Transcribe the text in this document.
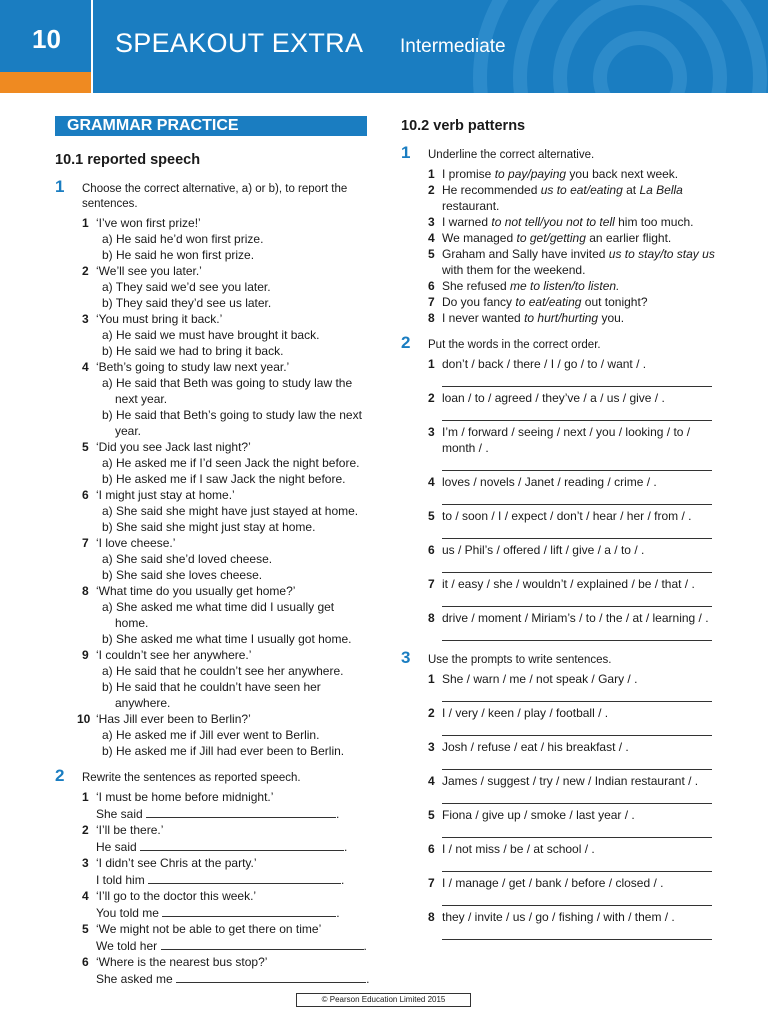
10	SPEAKOUT EXTRA Intermediate
GRAMMAR PRACTICE
10.1 reported speech
1 Choose the correct alternative, a) or b), to report the sentences.
1 ‘I’ve won first prize!’
a) He said he’d won first prize.
b) He said he won first prize.
2 ‘We’ll see you later.’
a) They said we’d see you later.
b) They said they’d see us later.
3 ‘You must bring it back.’
a) He said we must have brought it back.
b) He said we had to bring it back.
4 ‘Beth’s going to study law next year.’
a) He said that Beth was going to study law the next year.
b) He said that Beth’s going to study law the next year.
5 ‘Did you see Jack last night?’
a) He asked me if I’d seen Jack the night before.
b) He asked me if I saw Jack the night before.
6 ‘I might just stay at home.’
a) She said she might have just stayed at home.
b) She said she might just stay at home.
7 ‘I love cheese.’
a) She said she’d loved cheese.
b) She said she loves cheese.
8 ‘What time do you usually get home?’
a) She asked me what time did I usually get home.
b) She asked me what time I usually got home.
9 ‘I couldn’t see her anywhere.’
a) He said that he couldn’t see her anywhere.
b) He said that he couldn’t have seen her anywhere.
10 ‘Has Jill ever been to Berlin?’
a) He asked me if Jill ever went to Berlin.
b) He asked me if Jill had ever been to Berlin.
2 Rewrite the sentences as reported speech.
1 ‘I must be home before midnight.’
She said	.
2 ‘I’ll be there.’
He said	.
3 ‘I didn’t see Chris at the party.’
I told him	.
4 ‘I’ll go to the doctor this week.’
You told me	.
5 ‘We might not be able to get there on time’
We told her	.
6 ‘Where is the nearest bus stop?’
She asked me	.
10.2 verb patterns
1 Underline the correct alternative.
1 I promise to pay/paying you back next week.
2 He recommended us to eat/eating at La Bella restaurant.
3 I warned to not tell/you not to tell him too much.
4 We managed to get/getting an earlier flight.
5 Graham and Sally have invited us to stay/to stay us with them for the weekend.
6 She refused me to listen/to listen.
7 Do you fancy to eat/eating out tonight?
8 I never wanted to hurt/hurting you.
2 Put the words in the correct order.
1 don’t / back / there / I / go / to / want / .
2 loan / to / agreed / they’ve / a / us / give / .
3 I’m / forward / seeing / next / you / looking / to / month / .
4 loves / novels / Janet / reading / crime / .
5 to / soon / I / expect / don’t / hear / her / from / .
6 us / Phil’s / offered / lift / give / a / to / .
7 it / easy / she / wouldn’t / explained / be / that / .
8 drive / moment / Miriam’s / to / the / at / learning / .
3 Use the prompts to write sentences.
1 She / warn / me / not speak / Gary / .
2 I / very / keen / play / football / .
3 Josh / refuse / eat / his breakfast / .
4 James / suggest / try / new / Indian restaurant / .
5 Fiona / give up / smoke / last year / .
6 I / not miss / be / at school / .
7 I / manage / get / bank / before / closed / .
8 they / invite / us / go / fishing / with / them / .
© Pearson Education Limited 2015
